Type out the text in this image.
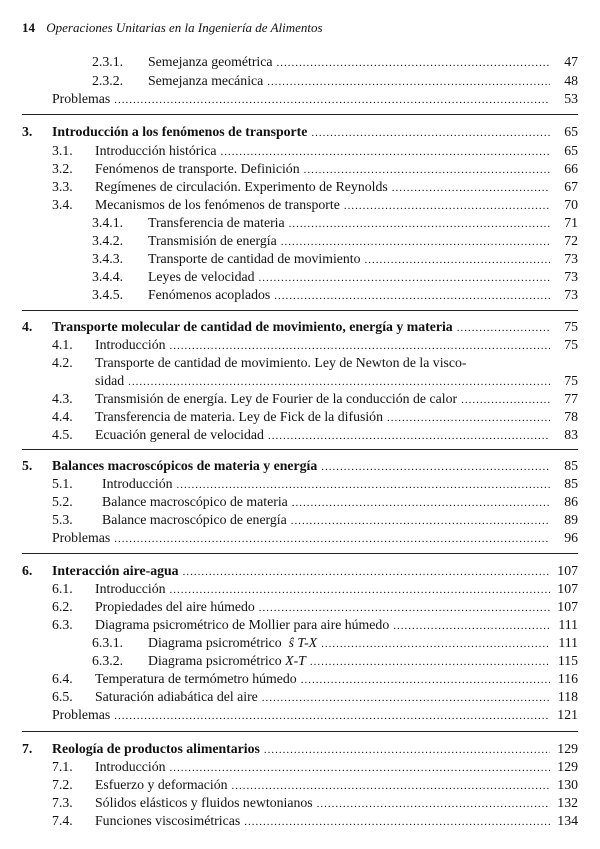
14 Operaciones Unitarias en la Ingeniería de Alimentos
2.3.1. Semejanza geométrica .....	47
2.3.2. Semejanza mecánica .....	48
Problemas .....	53
3. Introducción a los fenómenos de transporte .....	65
3.1. Introducción histórica .....	65
3.2. Fenómenos de transporte. Definición .....	66
3.3. Regímenes de circulación. Experimento de Reynolds .....	67
3.4. Mecanismos de los fenómenos de transporte .....	70
3.4.1. Transferencia de materia .....	71
3.4.2. Transmisión de energía .....	72
3.4.3. Transporte de cantidad de movimiento .....	73
3.4.4. Leyes de velocidad .....	73
3.4.5. Fenómenos acoplados .....	73
4. Transporte molecular de cantidad de movimiento, energía y materia .....	75
4.1. Introducción .....	75
4.2. Transporte de cantidad de movimiento. Ley de Newton de la visco-
sidad .....	75
4.3. Transmisión de energía. Ley de Fourier de la conducción de calor .....	77
4.4. Transferencia de materia. Ley de Fick de la difusión .....	78
4.5. Ecuación general de velocidad .....	83
5. Balances macroscópicos de materia y energía .....	85
5.1. Introducción .....	85
5.2. Balance macroscópico de materia .....	86
5.3. Balance macroscópico de energía .....	89
Problemas .....	96
6. Interacción aire-agua .....	107
6.1. Introducción .....	107
6.2. Propiedades del aire húmedo .....	107
6.3. Diagrama psicrométrico de Mollier para aire húmedo .....	111
6.3.1. Diagrama psicrométrico ŝ T-X .....	111
6.3.2. Diagrama psicrométrico X-T .....	115
6.4. Temperatura de termómetro húmedo .....	116
6.5. Saturación adiabática del aire .....	118
Problemas .....	121
7. Reología de productos alimentarios .....	129
7.1. Introducción .....	129
7.2. Esfuerzo y deformación .....	130
7.3. Sólidos elásticos y fluidos newtonianos .....	132
7.4. Funciones viscosimétricas .....	134
